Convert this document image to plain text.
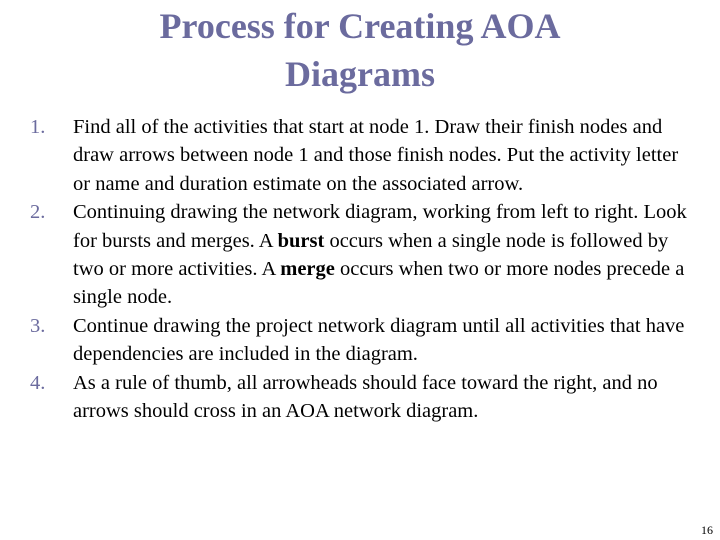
Process for Creating AOA
Diagrams
1.	Find all of the activities that start at node 1. Draw their finish nodes and draw arrows between node 1 and those finish nodes. Put the activity letter or name and duration estimate on the associated arrow.
2.	Continuing drawing the network diagram, working from left to right. Look for bursts and merges. A burst occurs when a single node is followed by two or more activities. A merge occurs when two or more nodes precede a single node.
3.	Continue drawing the project network diagram until all activities that have dependencies are included in the diagram.
4.	As a rule of thumb, all arrowheads should face toward the right, and no arrows should cross in an AOA network diagram.
16
